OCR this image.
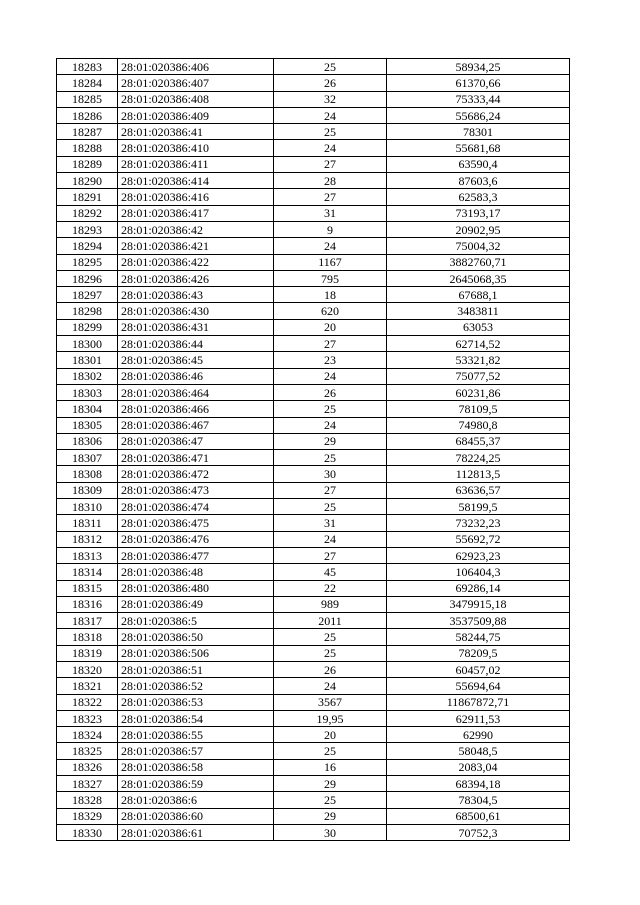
18283	28:01:020386:406	25	58934,25
18284	28:01:020386:407	26	61370,66
18285	28:01:020386:408	32	75333,44
18286	28:01:020386:409	24	55686,24
18287	28:01:020386:41	25	78301
18288	28:01:020386:410	24	55681,68
18289	28:01:020386:411	27	63590,4
18290	28:01:020386:414	28	87603,6
18291	28:01:020386:416	27	62583,3
18292	28:01:020386:417	31	73193,17
18293	28:01:020386:42	9	20902,95
18294	28:01:020386:421	24	75004,32
18295	28:01:020386:422	1167	3882760,71
18296	28:01:020386:426	795	2645068,35
18297	28:01:020386:43	18	67688,1
18298	28:01:020386:430	620	3483811
18299	28:01:020386:431	20	63053
18300	28:01:020386:44	27	62714,52
18301	28:01:020386:45	23	53321,82
18302	28:01:020386:46	24	75077,52
18303	28:01:020386:464	26	60231,86
18304	28:01:020386:466	25	78109,5
18305	28:01:020386:467	24	74980,8
18306	28:01:020386:47	29	68455,37
18307	28:01:020386:471	25	78224,25
18308	28:01:020386:472	30	112813,5
18309	28:01:020386:473	27	63636,57
18310	28:01:020386:474	25	58199,5
18311	28:01:020386:475	31	73232,23
18312	28:01:020386:476	24	55692,72
18313	28:01:020386:477	27	62923,23
18314	28:01:020386:48	45	106404,3
18315	28:01:020386:480	22	69286,14
18316	28:01:020386:49	989	3479915,18
18317	28:01:020386:5	2011	3537509,88
18318	28:01:020386:50	25	58244,75
18319	28:01:020386:506	25	78209,5
18320	28:01:020386:51	26	60457,02
18321	28:01:020386:52	24	55694,64
18322	28:01:020386:53	3567	11867872,71
18323	28:01:020386:54	19,95	62911,53
18324	28:01:020386:55	20	62990
18325	28:01:020386:57	25	58048,5
18326	28:01:020386:58	16	2083,04
18327	28:01:020386:59	29	68394,18
18328	28:01:020386:6	25	78304,5
18329	28:01:020386:60	29	68500,61
18330	28:01:020386:61	30	70752,3
